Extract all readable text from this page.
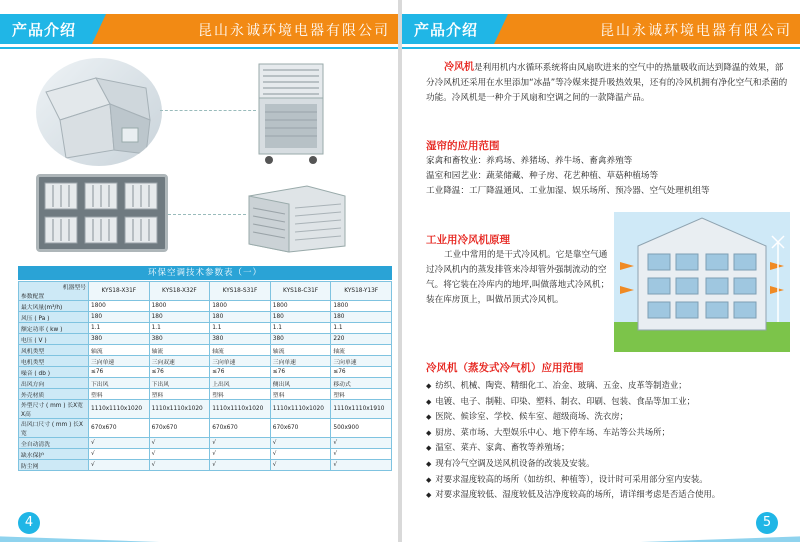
产品介绍	昆山永诚环境电器有限公司
环保空调技术参数表（一）
机器型号
参数配置	KYS18-X31F	KYS18-X32F	KYS18-S31F	KYS18-C31F	KYS18-Y13F
最大风量(m³/h)	1800	1800	1800	1800	1800
风压 ( Pa )	180	180	180	180	180
额定功率 ( kw )	1.1	1.1	1.1	1.1	1.1
电压 ( V )	380	380	380	380	220
风机类型	轴流	轴流	轴流	轴流	轴流
电机类型	三向单速	三向双速	三向单速	三向单速	三向单速
噪音 ( db )	≤76	≤76	≤76	≤76	≤76
出风方向	下出风	下出风	上出风	侧出风	移动式
外壳材质	塑料	塑料	塑料	塑料	塑料
外型尺寸 ( mm ) 长X宽X高	1110x1110x1020	1110x1110x1020	1110x1110x1020	1110x1110x1020	1110x1110x1910
出风口尺寸 ( mm ) 长X宽	670x670	670x670	670x670	670x670	500x900
全自动清洗	√	√	√	√	√
缺水保护	√	√	√	√	√
防尘网	√	√	√	√	√
4
产品介绍	昆山永诚环境电器有限公司
冷风机是利用机内水循环系统将由风扇吹进来的空气中的热量吸收而达到降温的效果，部分冷风机还采用在水里添加“冰晶”等冷媒来提升吸热效果，还有的冷风机拥有净化空气和杀菌的功能。冷风机是一种介于风扇和空调之间的一款降温产品。
湿帘的应用范围
家禽和畜牧业：养鸡场、养猪场、养牛场、畜禽养殖等
温室和园艺业：蔬菜储藏、种子房、花艺种植、草菇种植场等
工业降温：工厂降温通风、工业加湿、娱乐场所、预冷器、空气处理机组等
工业用冷风机原理
工业中常用的是干式冷风机。它是靠空气通过冷风机内的蒸发排管来冷却管外强制流动的空气。将它装在冷库内的地坪,叫做落地式冷风机；装在库房顶上，叫做吊顶式冷风机。
冷风机（蒸发式冷气机）应用范围
◆ 纺织、机械、陶瓷、精细化工、冶金、玻璃、五金、皮革等制造业；
◆ 电镀、电子、制鞋、印染、塑料、制衣、印刷、包装、食品等加工业；
◆ 医院、候诊室、学校、候车室、超级商场、洗衣房；
◆ 厨房、菜市场、大型娱乐中心、地下停车场、车站等公共场所；
◆ 温室、菜卉、家禽、畜牧等养殖场；
◆ 现有冷气空调及送风机设备的改装及安装。
◆ 对要求湿度较高的场所（如纺织、种植等），设计时可采用部分室内安装。
◆ 对要求湿度较低、湿度较低及洁净度较高的场所，请详细考虑是否适合使用。
5
